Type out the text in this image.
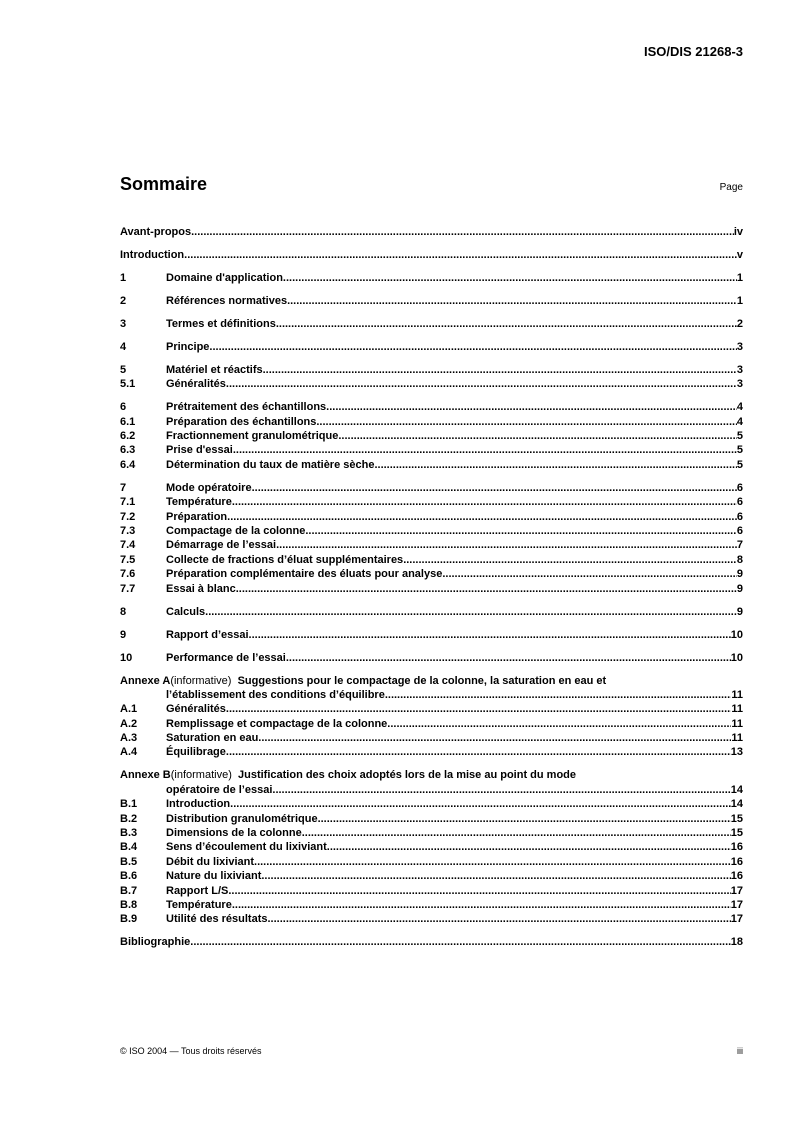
ISO/DIS 21268-3
Sommaire	Page
Avant-propos .....	iv
Introduction .....	v
1	Domaine d'application .....	1
2	Références normatives .....	1
3	Termes et définitions .....	2
4	Principe .....	3
5	Matériel et réactifs .....	3
5.1	Généralités .....	3
6	Prétraitement des échantillons .....	4
6.1	Préparation des échantillons .....	4
6.2	Fractionnement granulométrique .....	5
6.3	Prise d'essai .....	5
6.4	Détermination du taux de matière sèche .....	5
7	Mode opératoire .....	6
7.1	Température .....	6
7.2	Préparation .....	6
7.3	Compactage de la colonne .....	6
7.4	Démarrage de l’essai .....	7
7.5	Collecte de fractions d’éluat supplémentaires .....	8
7.6	Préparation complémentaire des éluats pour analyse .....	9
7.7	Essai à blanc .....	9
8	Calculs .....	9
9	Rapport d’essai .....	10
10	Performance de l’essai .....	10
Annexe A (informative)
Suggestions pour le compactage de la colonne, la saturation en eau et
l’établissement des conditions d’équilibre .....	11
A.1	Généralités .....	11
A.2	Remplissage et compactage de la colonne .....	11
A.3	Saturation en eau .....	11
A.4	Équilibrage .....	13
Annexe B (informative)
Justification des choix adoptés lors de la mise au point du mode
opératoire de l’essai .....	14
B.1	Introduction .....	14
B.2	Distribution granulométrique .....	15
B.3	Dimensions de la colonne .....	15
B.4	Sens d’écoulement du lixiviant .....	16
B.5	Débit du lixiviant .....	16
B.6	Nature du lixiviant .....	16
B.7	Rapport L/S .....	17
B.8	Température .....	17
B.9	Utilité des résultats .....	17
Bibliographie .....	18
© ISO 2004 — Tous droits réservés	iii
